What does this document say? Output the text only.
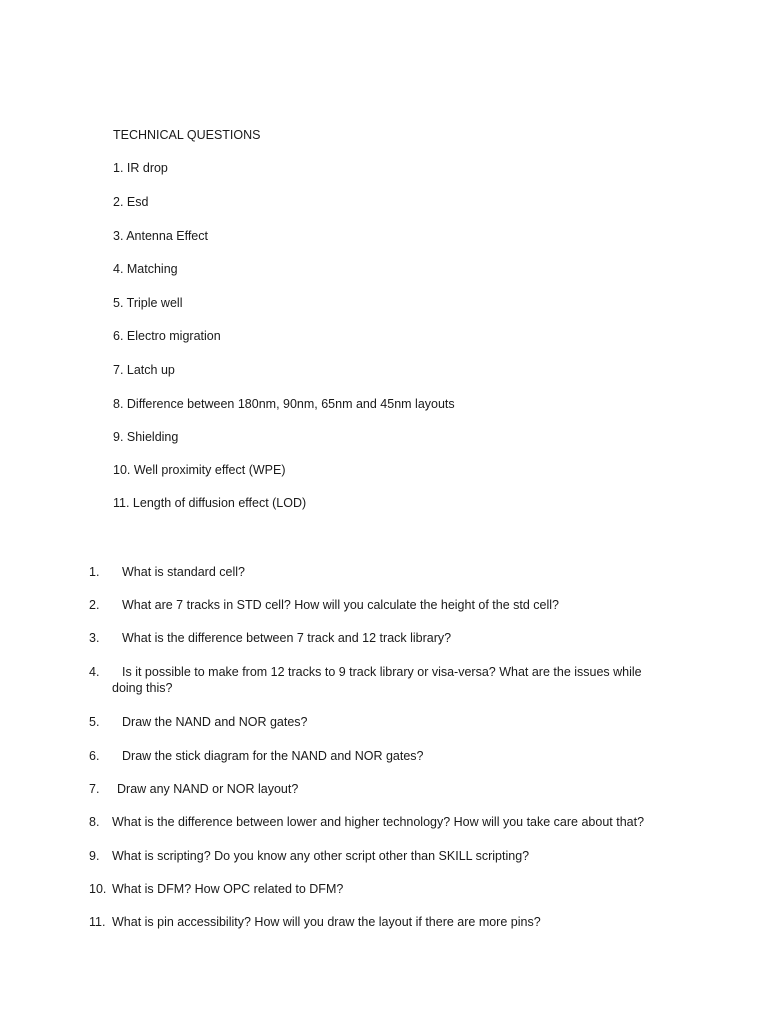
TECHNICAL QUESTIONS
1. IR drop
2. Esd
3. Antenna Effect
4. Matching
5. Triple well
6. Electro migration
7. Latch up
8. Difference between 180nm, 90nm, 65nm and 45nm layouts
9. Shielding
10. Well proximity effect (WPE)
11. Length of diffusion effect (LOD)
1. What is standard cell?
2. What are 7 tracks in STD cell? How will you calculate the height of the std cell?
3. What is the difference between 7 track and 12 track library?
4. Is it possible to make from 12 tracks to 9 track library or visa-versa? What are the issues while
doing this?
5. Draw the NAND and NOR gates?
6. Draw the stick diagram for the NAND and NOR gates?
7. Draw any NAND or NOR layout?
8. What is the difference between lower and higher technology? How will you take care about that?
9. What is scripting? Do you know any other script other than SKILL scripting?
10. What is DFM? How OPC related to DFM?
11. What is pin accessibility? How will you draw the layout if there are more pins?
